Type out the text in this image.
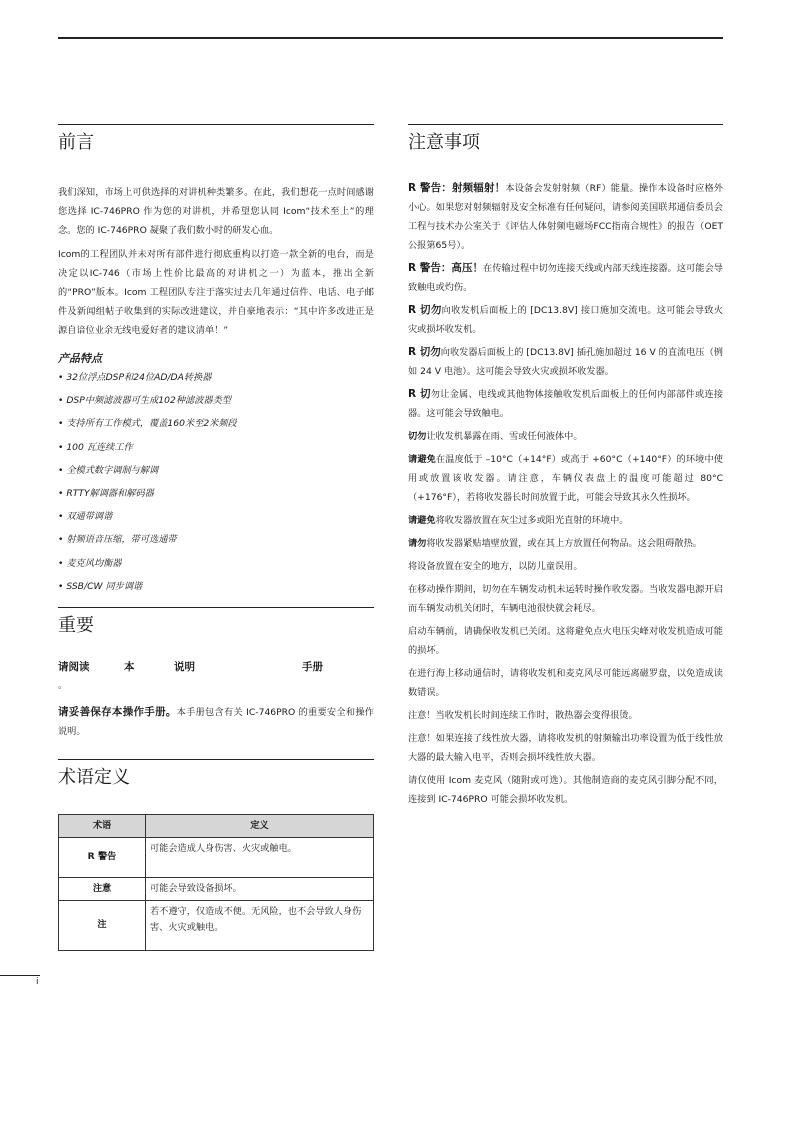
前言

我们深知，市场上可供选择的对讲机种类繁多。在此，我们想花一点时间感谢您选择 IC-746PRO 作为您的对讲机，并希望您认同 Icom“技术至上”的理念。您的 IC-746PRO 凝聚了我们数小时的研发心血。

Icom的工程团队并未对所有部件进行彻底重构以打造一款全新的电台，而是决定以IC-746（市场上性价比最高的对讲机之一）为蓝本，推出全新的“PRO”版本。Icom 工程团队专注于落实过去几年通过信件、电话、电子邮件及新闻组帖子收集到的实际改进建议，并自豪地表示：“其中许多改进正是源自谙位业余无线电爱好者的建议清单！”

产品特点
• 32位浮点DSP和24位AD/DA转换器
• DSP中频滤波器可生成102种滤波器类型
• 支持所有工作模式，覆盖160米至2米频段
• 100 瓦连续工作
• 全模式数字调制与解调
• RTTY解调器和解码器
• 双通带调谐
• 射频语音压缩，带可选通带
• 麦克风均衡器
• SSB/CW 同步调谐
重要
请阅读	本	说明	手册

。

请妥善保存本操作手册。本手册包含有关 IC-746PRO 的重要安全和操作说明。

术语定义
术语	定义
R 警告	可能会造成人身伤害、火灾或触电。
注意	可能会导致设备损坏。
注	若不遵守，仅造成不便。无风险，也不会导致人身伤害、火灾或触电。
注意事项

R 警告：射频辐射！本设备会发射射频（RF）能量。操作本设备时应格外小心。如果您对射频辐射及安全标准有任何疑问，请参阅美国联邦通信委员会工程与技术办公室关于《评估人体射频电磁场FCC指南合规性》的报告（OET公报第65号）。

R 警告：高压！在传输过程中切勿连接天线或内部天线连接器。这可能会导致触电或灼伤。

R 切勿向收发机后面板上的 [DC13.8V] 接口施加交流电。这可能会导致火灾或损坏收发机。

R 切勿向收发器后面板上的 [DC13.8V] 插孔施加超过 16 V 的直流电压（例如 24 V 电池）。这可能会导致火灾或损坏收发器。

R 切勿让金属、电线或其他物体接触收发机后面板上的任何内部部件或连接器。这可能会导致触电。

切勿让收发机暴露在雨、雪或任何液体中。

请避免在温度低于 –10°C（+14°F）或高于 +60°C（+140°F）的环境中使用或放置该收发器。请注意，车辆仪表盘上的温度可能超过 80°C（+176°F），若将收发器长时间放置于此，可能会导致其永久性损坏。

请避免将收发器放置在灰尘过多或阳光直射的环境中。

请勿将收发器紧贴墙壁放置，或在其上方放置任何物品。这会阻碍散热。

将设备放置在安全的地方，以防儿童误用。

在移动操作期间，切勿在车辆发动机未运转时操作收发器。当收发器电源开启而车辆发动机关闭时，车辆电池很快就会耗尽。

启动车辆前，请确保收发机已关闭。这将避免点火电压尖峰对收发机造成可能的损坏。

在进行海上移动通信时，请将收发机和麦克风尽可能远离磁罗盘，以免造成读数错误。

注意！当收发机长时间连续工作时，散热器会变得很烫。

注意！如果连接了线性放大器，请将收发机的射频输出功率设置为低于线性放大器的最大输入电平，否则会损坏线性放大器。

请仅使用 Icom 麦克风（随附或可选）。其他制造商的麦克风引脚分配不同，连接到 IC-746PRO 可能会损坏收发机。

i
